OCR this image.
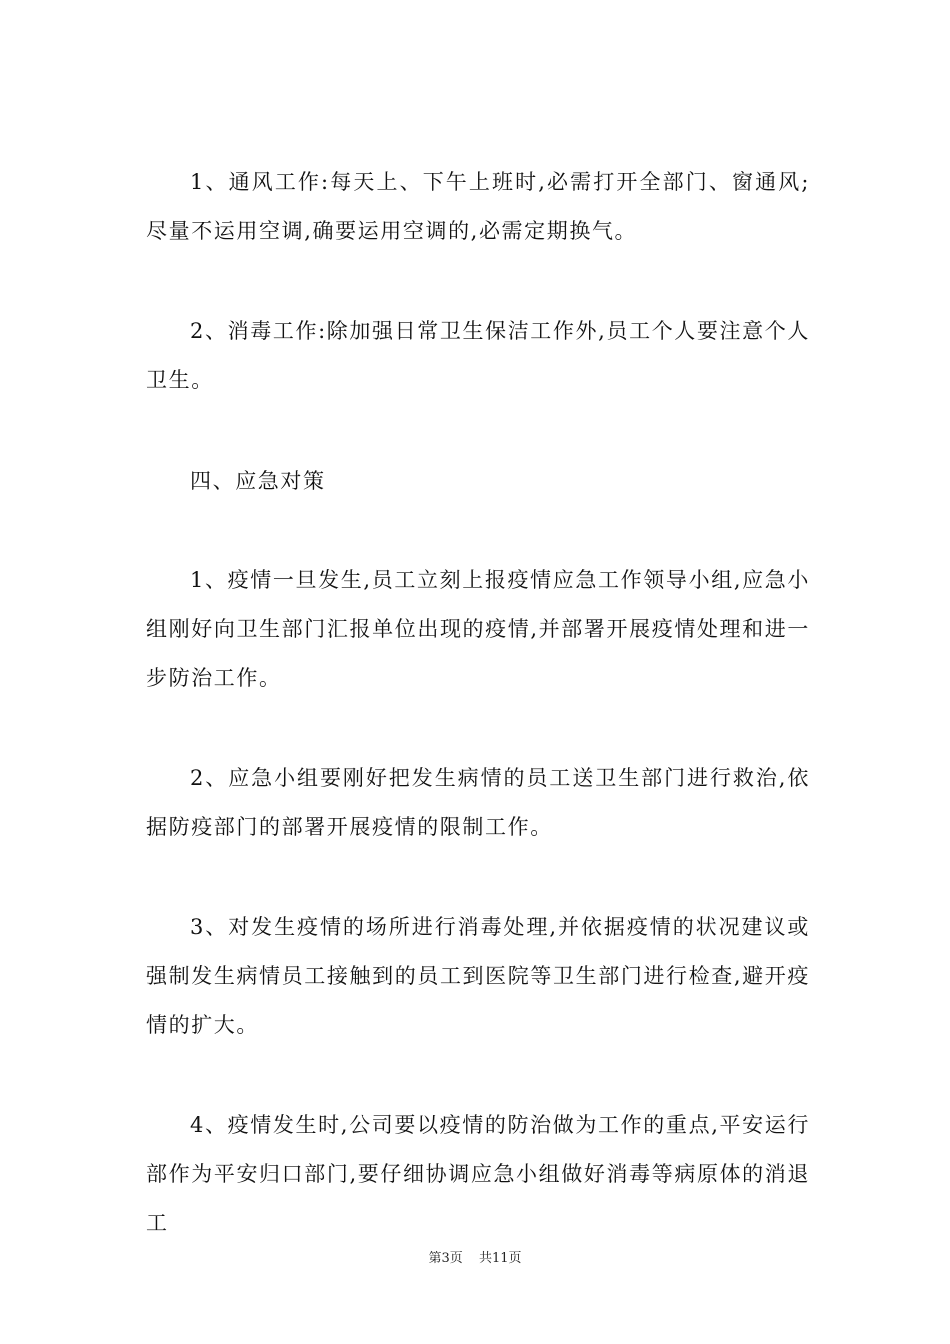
1、通风工作:每天上、下午上班时,必需打开全部门、窗通风;尽量不运用空调,确要运用空调的,必需定期换气。

2、消毒工作:除加强日常卫生保洁工作外,员工个人要注意个人卫生。

四、应急对策

1、疫情一旦发生,员工立刻上报疫情应急工作领导小组,应急小组刚好向卫生部门汇报单位出现的疫情,并部署开展疫情处理和进一步防治工作。

2、应急小组要刚好把发生病情的员工送卫生部门进行救治,依据防疫部门的部署开展疫情的限制工作。

3、对发生疫情的场所进行消毒处理,并依据疫情的状况建议或强制发生病情员工接触到的员工到医院等卫生部门进行检查,避开疫情的扩大。

4、疫情发生时,公司要以疫情的防治做为工作的重点,平安运行部作为平安归口部门,要仔细协调应急小组做好消毒等病原体的消退工

第3页 共11页
